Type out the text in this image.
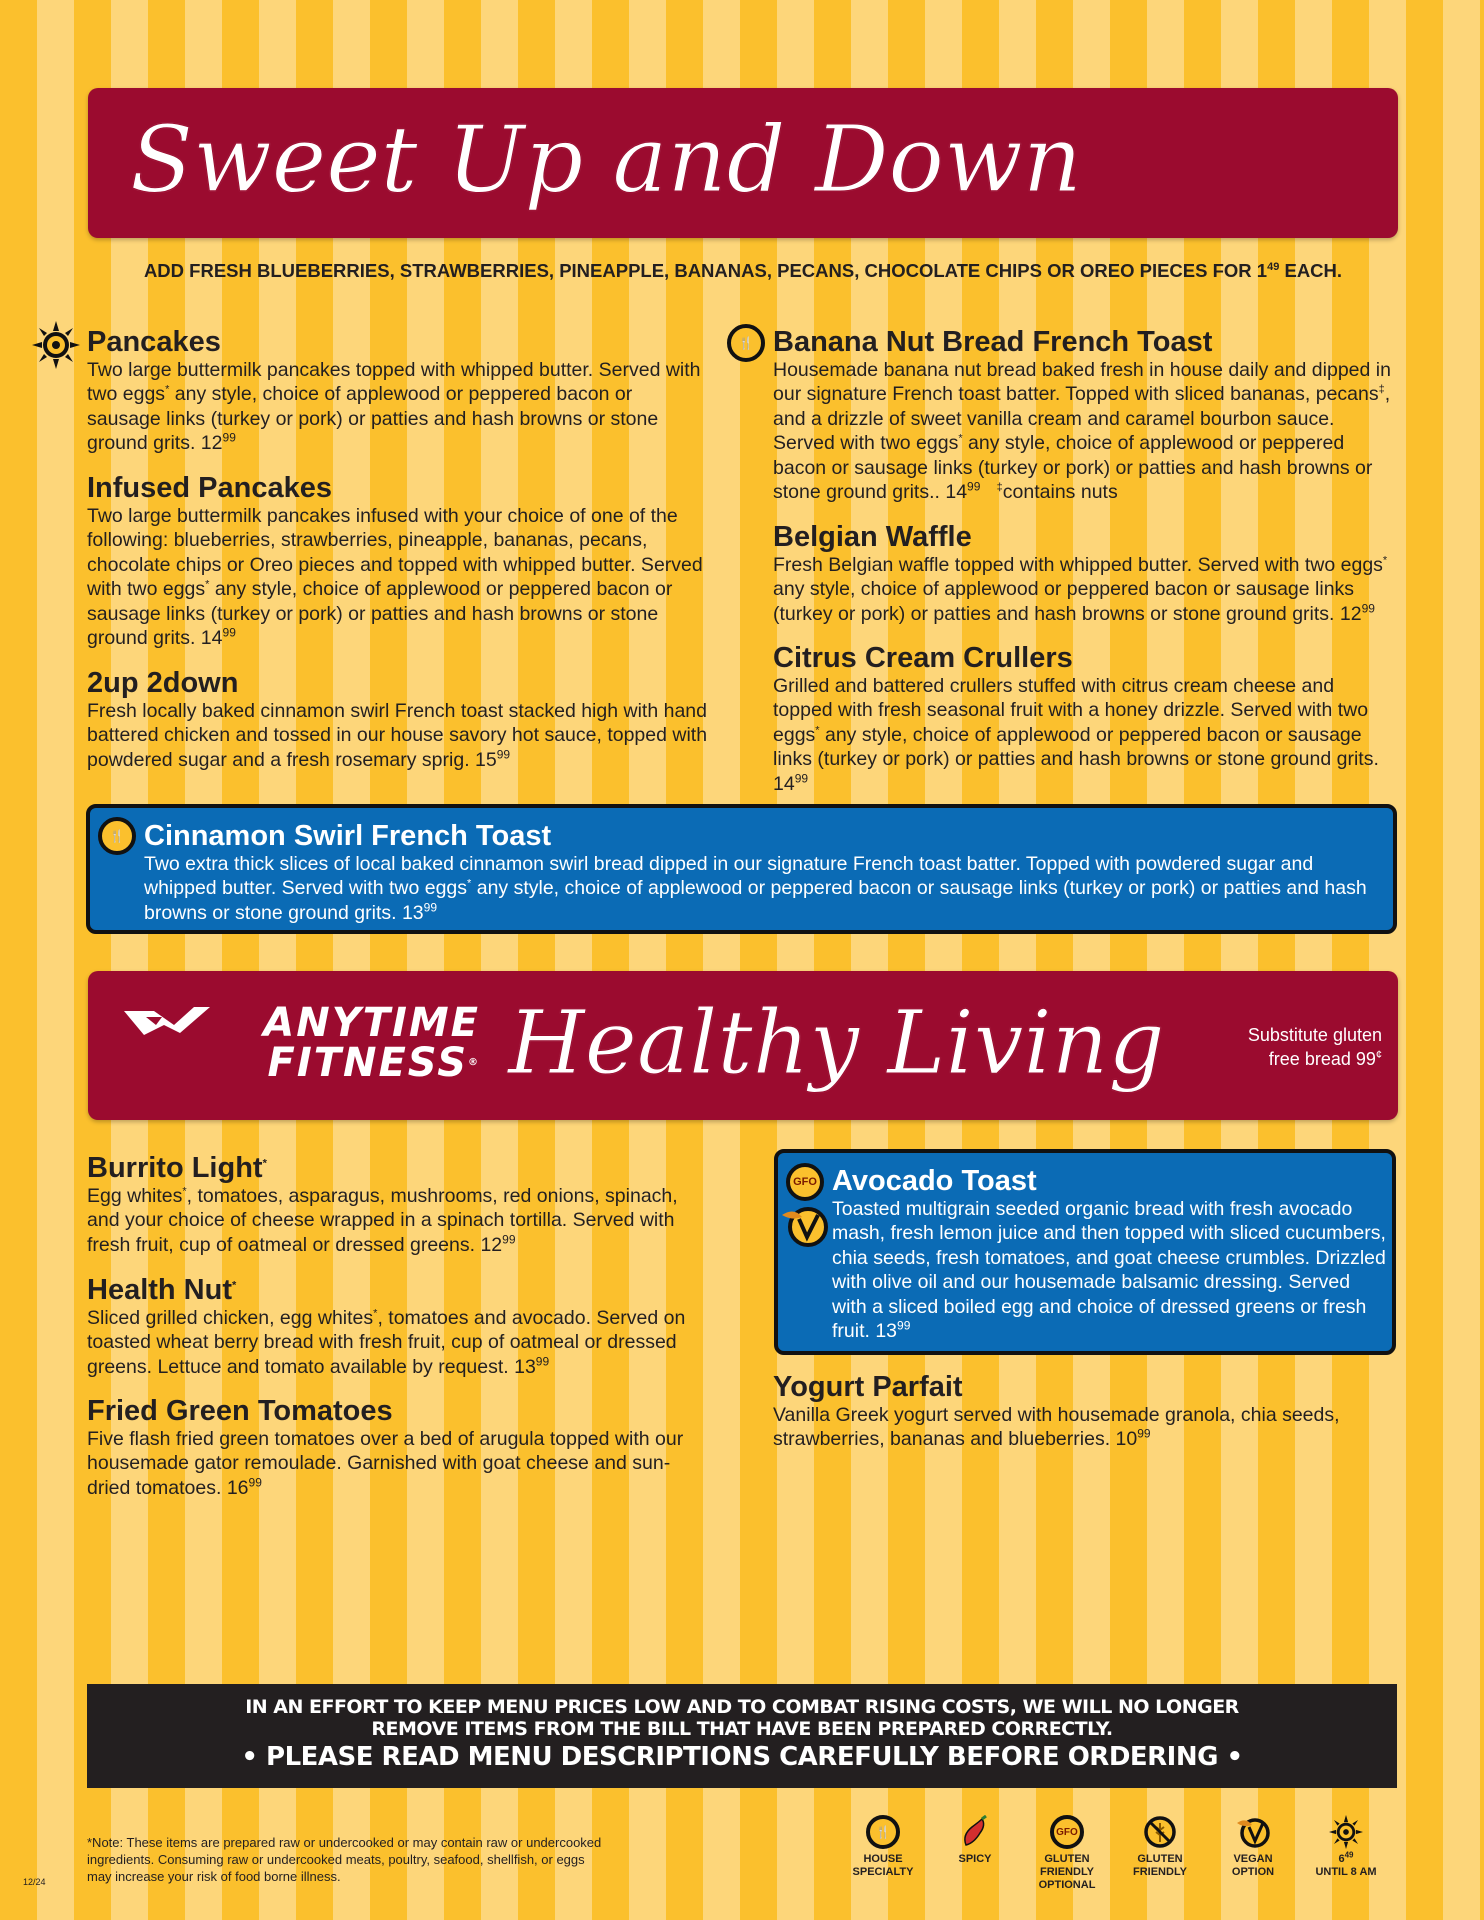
Sweet Up and Down
ADD FRESH BLUEBERRIES, STRAWBERRIES, PINEAPPLE, BANANAS, PECANS, CHOCOLATE CHIPS OR OREO PIECES FOR $1^{49}$ EACH.
Pancakes

Two large buttermilk pancakes topped with whipped butter. Served with two eggs* any style, choice of applewood or peppered bacon or sausage links (turkey or pork) or patties and hash browns or stone ground grits. $12^{99}$

Infused Pancakes

Two large buttermilk pancakes infused with your choice of one of the following: blueberries, strawberries, pineapple, bananas, pecans, chocolate chips or Oreo pieces and topped with whipped butter. Served with two eggs* any style, choice of applewood or peppered bacon or sausage links (turkey or pork) or patties and hash browns or stone ground grits. $14^{99}$

2up 2down

Fresh locally baked cinnamon swirl French toast stacked high with hand battered chicken and tossed in our house savory hot sauce, topped with powdered sugar and a fresh rosemary sprig. $15^{99}$

🍴 Banana Nut Bread French Toast

Housemade banana nut bread baked fresh in house daily and dipped in our signature French toast batter. Topped with sliced bananas, pecans‡, and a drizzle of sweet vanilla cream and caramel bourbon sauce. Served with two eggs* any style, choice of applewood or peppered bacon or sausage links (turkey or pork) or patties and hash browns or stone ground grits.. $14^{99}$ ‡contains nuts

Belgian Waffle

Fresh Belgian waffle topped with whipped butter. Served with two eggs* any style, choice of applewood or peppered bacon or sausage links (turkey or pork) or patties and hash browns or stone ground grits. $12^{99}$

Citrus Cream Crullers

Grilled and battered crullers stuffed with citrus cream cheese and topped with fresh seasonal fruit with a honey drizzle. Served with two eggs* any style, choice of applewood or peppered bacon or sausage links (turkey or pork) or patties and hash browns or stone ground grits. $14^{99}$

🍴 Cinnamon Swirl French Toast

Two extra thick slices of local baked cinnamon swirl bread dipped in our signature French toast batter. Topped with powdered sugar and whipped butter. Served with two eggs* any style, choice of applewood or peppered bacon or sausage links (turkey or pork) or patties and hash browns or stone ground grits. $13^{99}$

ANYTIME
FITNESS® Healthy Living	Substitute gluten
free bread 99¢
Burrito Light*

Egg whites*, tomatoes, asparagus, mushrooms, red onions, spinach, and your choice of cheese wrapped in a spinach tortilla. Served with fresh fruit, cup of oatmeal or dressed greens. $12^{99}$

Health Nut*

Sliced grilled chicken, egg whites*, tomatoes and avocado. Served on toasted wheat berry bread with fresh fruit, cup of oatmeal or dressed greens. Lettuce and tomato available by request. $13^{99}$

Fried Green Tomatoes

Five flash fried green tomatoes over a bed of arugula topped with our housemade gator remoulade. Garnished with goat cheese and sun-dried tomatoes. $16^{99}$

GFO Avocado Toast

Toasted multigrain seeded organic bread with fresh avocado mash, fresh lemon juice and then topped with sliced cucumbers, chia seeds, fresh tomatoes, and goat cheese crumbles. Drizzled with olive oil and our housemade balsamic dressing. Served with a sliced boiled egg and choice of dressed greens or fresh fruit. $13^{99}$

Yogurt Parfait

Vanilla Greek yogurt served with housemade granola, chia seeds, strawberries, bananas and blueberries. $10^{99}$

IN AN EFFORT TO KEEP MENU PRICES LOW AND TO COMBAT RISING COSTS, WE WILL NO LONGER
REMOVE ITEMS FROM THE BILL THAT HAVE BEEN PREPARED CORRECTLY.
• PLEASE READ MENU DESCRIPTIONS CAREFULLY BEFORE ORDERING •
*Note: These items are prepared raw or undercooked or may contain raw or undercooked ingredients. Consuming raw or undercooked meats, poultry, seafood, shellfish, or eggs may increase your risk of food borne illness.
12/24
🍴
HOUSE SPECIALTY
SPICY
GFO
GLUTEN FRIENDLY OPTIONAL
GLUTEN FRIENDLY
VEGAN OPTION
$6^{49}$
UNTIL 8 AM
